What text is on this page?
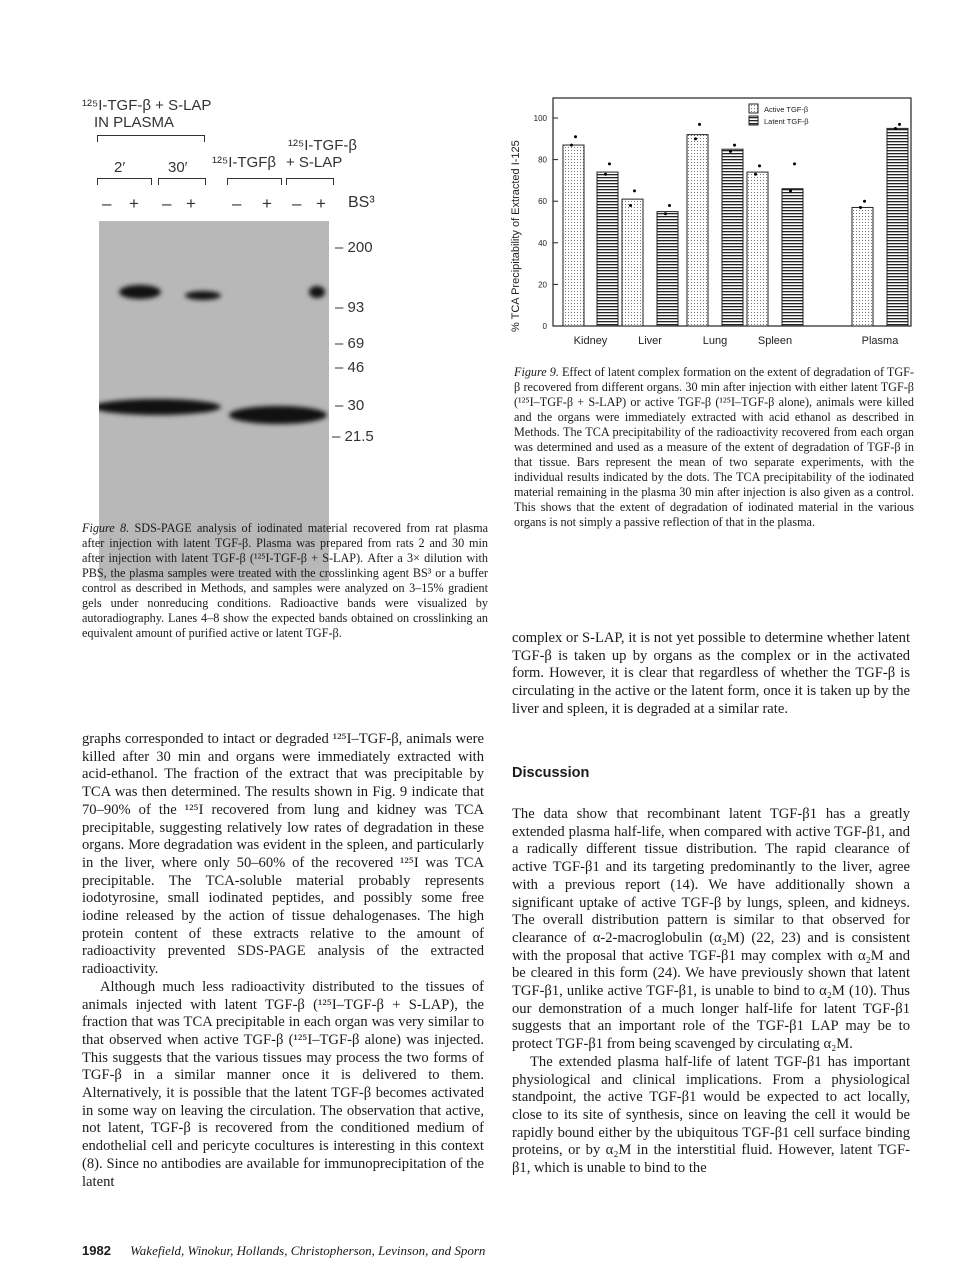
¹²⁵I-TGF-β + S-LAP
IN PLASMA
2′	30′
¹²⁵I-TGF-β
+ S-LAP
¹²⁵I-TGFβ
– + – + – + – + BS³
– 200
– 93
– 69
– 46
– 30
– 21.5
Figure 8. SDS-PAGE analysis of iodinated material recovered from rat plasma after injection with latent TGF-β. Plasma was prepared from rats 2 and 30 min after injection with latent TGF-β (¹²⁵I-TGF-β + S-LAP). After a 3× dilution with PBS, the plasma samples were treated with the crosslinking agent BS³ or a buffer control as described in Methods, and samples were analyzed on 3–15% gradient gels under nonreducing conditions. Radioactive bands were visualized by autoradiography. Lanes 4–8 show the expected bands obtained on crosslinking an equivalent amount of purified active or latent TGF-β.
% TCA Precipitability of Extracted I-125	0
20
40
60
80
100
Kidney	Liver	Lung	Spleen	Plasma
Active TGF-β
Latent TGF-β
Figure 9. Effect of latent complex formation on the extent of degradation of TGF-β recovered from different organs. 30 min after injection with either latent TGF-β (¹²⁵I–TGF-β + S-LAP) or active TGF-β (¹²⁵I–TGF-β alone), animals were killed and the organs were immediately extracted with acid ethanol as described in Methods. The TCA precipitability of the radioactivity recovered from each organ was determined and used as a measure of the extent of degradation of TGF-β in that tissue. Bars represent the mean of two separate experiments, with the individual results indicated by the dots. The TCA precipitability of the iodinated material remaining in the plasma 30 min after injection is also given as a control. This shows that the extent of degradation of iodinated material in the various organs is not simply a passive reflection of that in the plasma.

graphs corresponded to intact or degraded ¹²⁵I–TGF-β, animals were killed after 30 min and organs were immediately extracted with acid-ethanol. The fraction of the extract that was precipitable by TCA was then determined. The results shown in Fig. 9 indicate that 70–90% of the ¹²⁵I recovered from lung and kidney was TCA precipitable, suggesting relatively low rates of degradation in these organs. More degradation was evident in the spleen, and particularly in the liver, where only 50–60% of the recovered ¹²⁵I was TCA precipitable. The TCA-soluble material probably represents iodotyrosine, small iodinated peptides, and possibly some free iodine released by the action of tissue dehalogenases. The high protein content of these extracts relative to the amount of radioactivity prevented SDS-PAGE analysis of the extracted radioactivity.

Although much less radioactivity distributed to the tissues of animals injected with latent TGF-β (¹²⁵I–TGF-β + S-LAP), the fraction that was TCA precipitable in each organ was very similar to that observed when active TGF-β (¹²⁵I–TGF-β alone) was injected. This suggests that the various tissues may process the two forms of TGF-β in a similar manner once it is delivered to them. Alternatively, it is possible that the latent TGF-β becomes activated in some way on leaving the circulation. The observation that active, not latent, TGF-β is recovered from the conditioned medium of endothelial cell and pericyte cocultures is interesting in this context (8). Since no antibodies are available for immunoprecipitation of the latent

complex or S-LAP, it is not yet possible to determine whether latent TGF-β is taken up by organs as the complex or in the activated form. However, it is clear that regardless of whether the TGF-β is circulating in the active or the latent form, once it is taken up by the liver and spleen, it is degraded at a similar rate.

Discussion

The data show that recombinant latent TGF-β1 has a greatly extended plasma half-life, when compared with active TGF-β1, and a radically different tissue distribution. The rapid clearance of active TGF-β1 and its targeting predominantly to the liver, agree with a previous report (14). We have additionally shown a significant uptake of active TGF-β by lungs, spleen, and kidneys. The overall distribution pattern is similar to that observed for clearance of α-2-macroglobulin (α₂M) (22, 23) and is consistent with the proposal that active TGF-β1 may complex with α₂M and be cleared in this form (24). We have previously shown that latent TGF-β1, unlike active TGF-β1, is unable to bind to α₂M (10). Thus our demonstration of a much longer half-life for latent TGF-β1 suggests that an important role of the TGF-β1 LAP may be to protect TGF-β1 from being scavenged by circulating α₂M.

The extended plasma half-life of latent TGF-β1 has important physiological and clinical implications. From a physiological standpoint, the active TGF-β1 would be expected to act locally, close to its site of synthesis, since on leaving the cell it would be rapidly bound either by the ubiquitous TGF-β1 cell surface binding proteins, or by α₂M in the interstitial fluid. However, latent TGF-β1, which is unable to bind to the

1982 Wakefield, Winokur, Hollands, Christopherson, Levinson, and Sporn
